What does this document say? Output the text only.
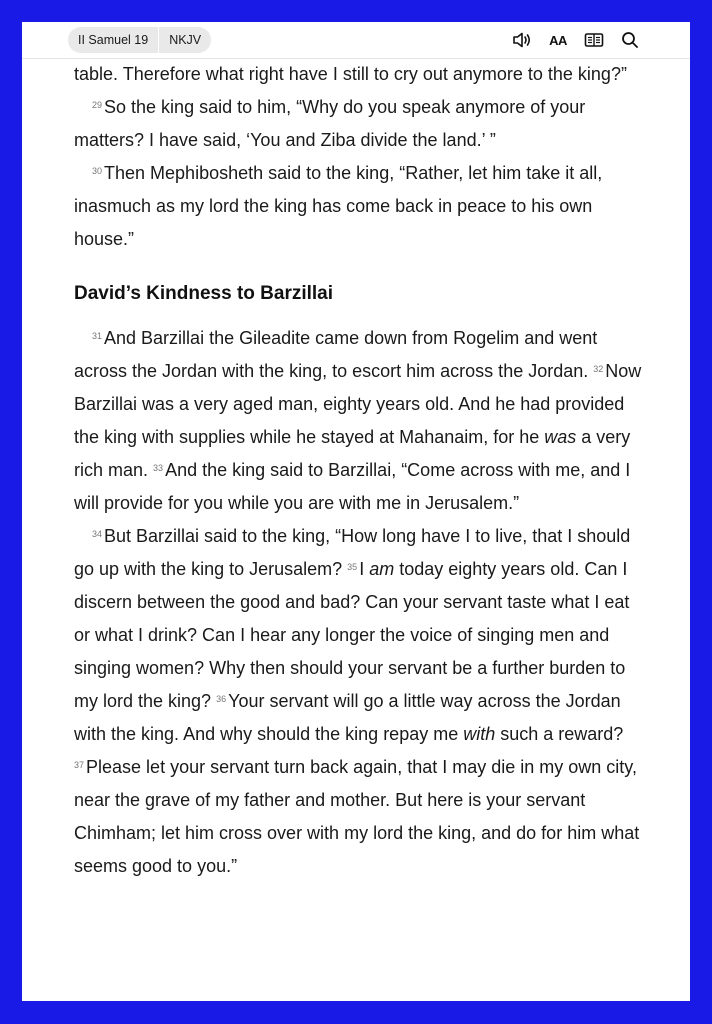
II Samuel 19	NKJV	AA

table. Therefore what right have I still to cry out anymore to the king?”

$^{29}$ So the king said to him, “Why do you speak anymore of your matters? I have said, ‘You and Ziba divide the land.’ ”

$^{30}$ Then Mephibosheth said to the king, “Rather, let him take it all, inasmuch as my lord the king has come back in peace to his own house.”

David’s Kindness to Barzillai

$^{31}$ And Barzillai the Gileadite came down from Rogelim and went across the Jordan with the king, to escort him across the Jordan. $^{32}$ Now Barzillai was a very aged man, eighty years old. And he had provided the king with supplies while he stayed at Mahanaim, for he was a very rich man. $^{33}$ And the king said to Barzillai, “Come across with me, and I will provide for you while you are with me in Jerusalem.”

$^{34}$ But Barzillai said to the king, “How long have I to live, that I should go up with the king to Jerusalem? $^{35}$ I am today eighty years old. Can I discern between the good and bad? Can your servant taste what I eat or what I drink? Can I hear any longer the voice of singing men and singing women? Why then should your servant be a further burden to my lord the king? $^{36}$ Your servant will go a little way across the Jordan with the king. And why should the king repay me with such a reward? $^{37}$ Please let your servant turn back again, that I may die in my own city, near the grave of my father and mother. But here is your servant Chimham; let him cross over with my lord the king, and do for him what seems good to you.”
